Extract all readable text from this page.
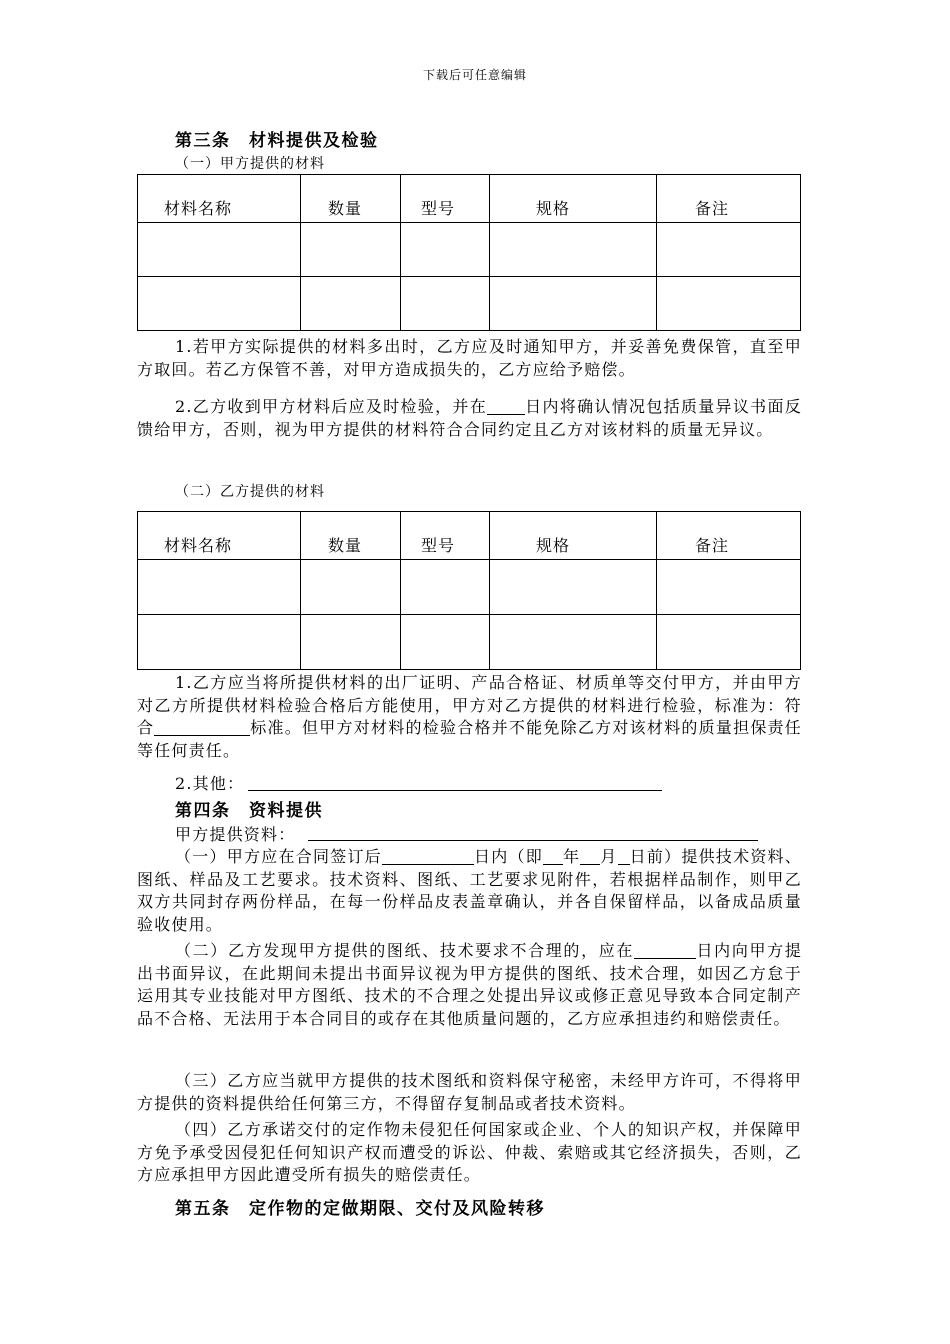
下载后可任意编辑
第三条　材料提供及检验
（一）甲方提供的材料
材料名称	数量	型号	规格	备注

1.若甲方实际提供的材料多出时，乙方应及时通知甲方，并妥善免费保管，直至甲方取回。若乙方保管不善，对甲方造成损失的，乙方应给予赔偿。
2.乙方收到甲方材料后应及时检验，并在 日内将确认情况包括质量异议书面反馈给甲方，否则，视为甲方提供的材料符合合同约定且乙方对该材料的质量无异议。
（二）乙方提供的材料
材料名称	数量	型号	规格	备注

1.乙方应当将所提供材料的出厂证明、产品合格证、材质单等交付甲方，并由甲方对乙方所提供材料检验合格后方能使用，甲方对乙方提供的材料进行检验，标准为：符合	标准。但甲方对材料的检验合格并不能免除乙方对该材料的质量担保责任等任何责任。
2.其他：
第四条　资料提供
甲方提供资料：
（一）甲方应在合同签订后	日内（即 年 月 日前）提供技术资料、图纸、样品及工艺要求。技术资料、图纸、工艺要求见附件，若根据样品制作，则甲乙双方共同封存两份样品，在每一份样品皮表盖章确认，并各自保留样品，以备成品质量验收使用。
（二）乙方发现甲方提供的图纸、技术要求不合理的，应在	日内向甲方提出书面异议，在此期间未提出书面异议视为甲方提供的图纸、技术合理，如因乙方怠于运用其专业技能对甲方图纸、技术的不合理之处提出异议或修正意见导致本合同定制产品不合格、无法用于本合同目的或存在其他质量问题的，乙方应承担违约和赔偿责任。
（三）乙方应当就甲方提供的技术图纸和资料保守秘密，未经甲方许可，不得将甲方提供的资料提供给任何第三方，不得留存复制品或者技术资料。
（四）乙方承诺交付的定作物未侵犯任何国家或企业、个人的知识产权，并保障甲方免予承受因侵犯任何知识产权而遭受的诉讼、仲裁、索赔或其它经济损失，否则，乙方应承担甲方因此遭受所有损失的赔偿责任。
第五条　定作物的定做期限、交付及风险转移
